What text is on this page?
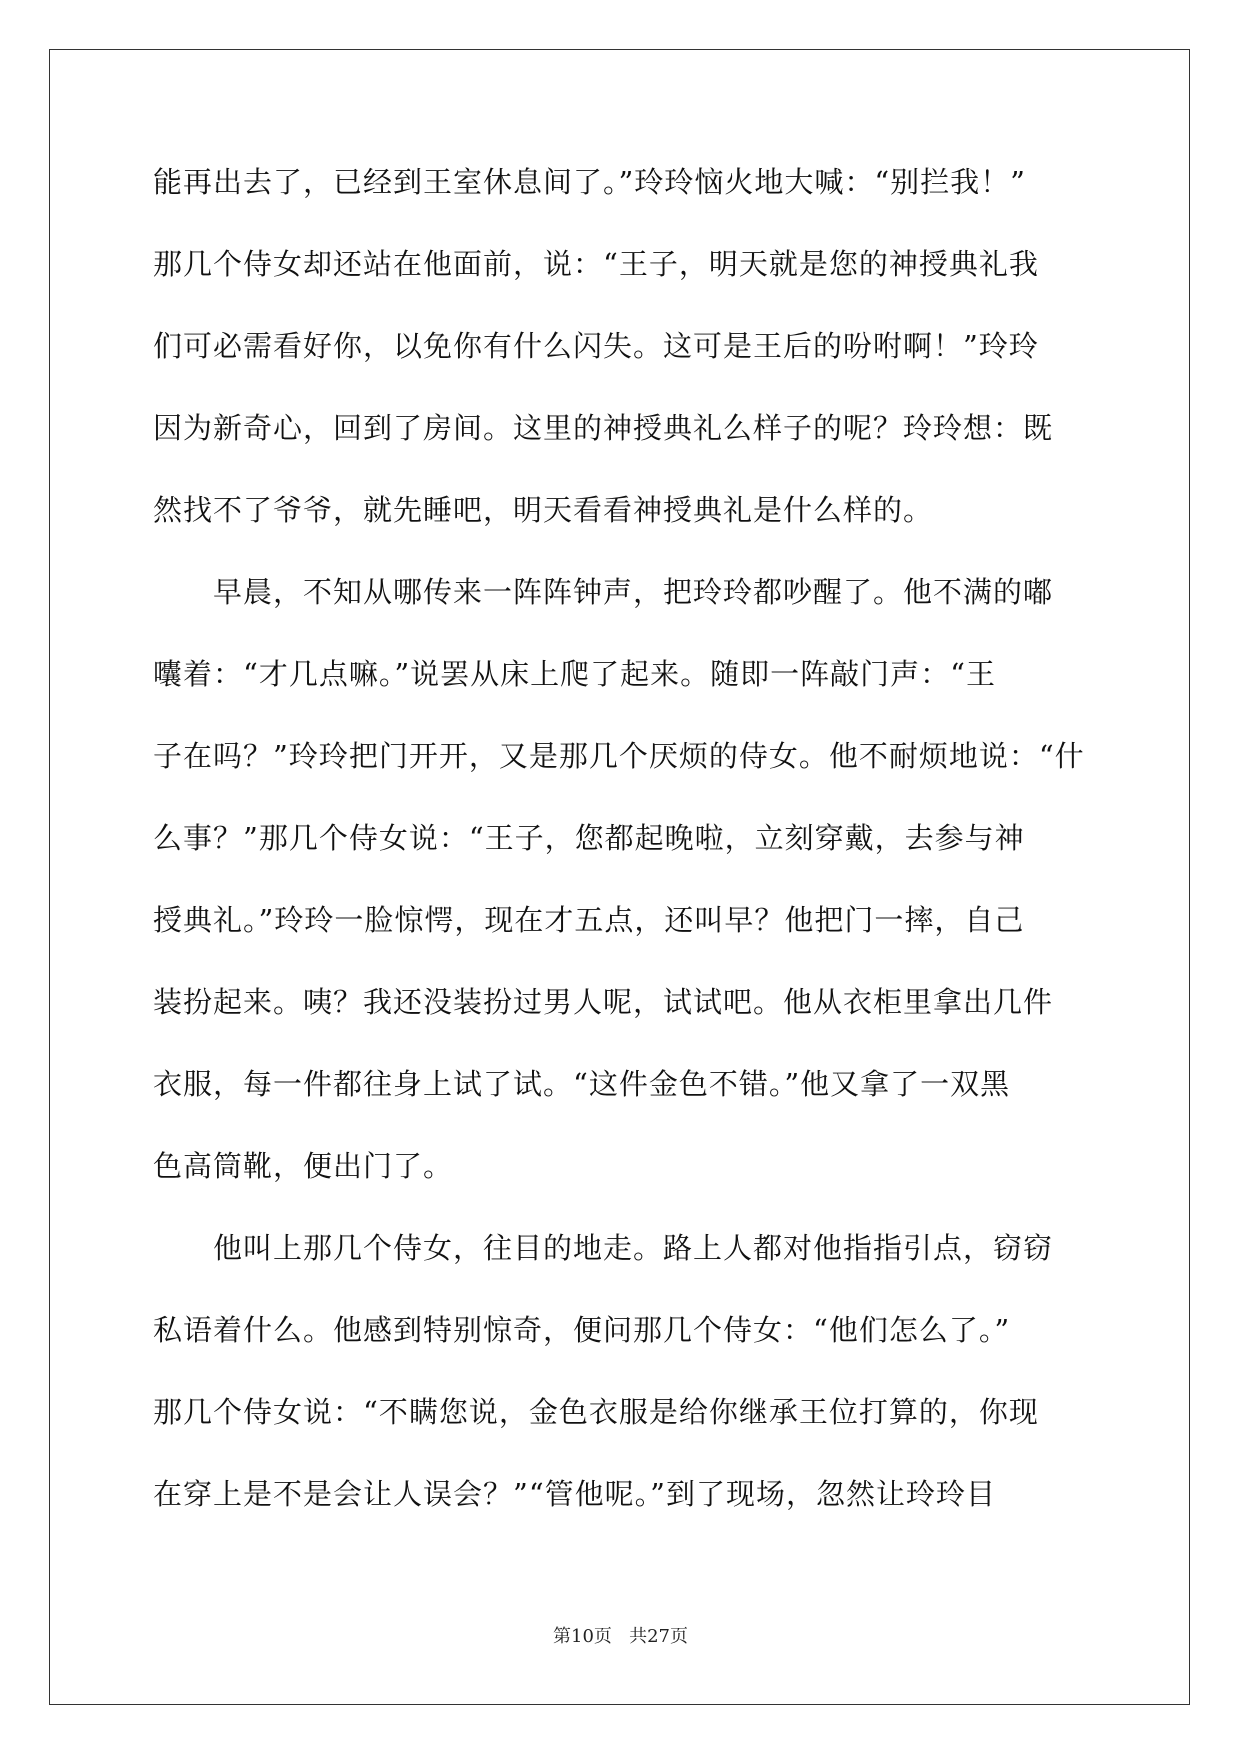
能再出去了，已经到王室休息间了。”玲玲恼火地大喊：“别拦我！”
那几个侍女却还站在他面前，说：“王子，明天就是您的神授典礼我
们可必需看好你，以免你有什么闪失。这可是王后的吩咐啊！”玲玲
因为新奇心，回到了房间。这里的神授典礼么样子的呢？玲玲想：既
然找不了爷爷，就先睡吧，明天看看神授典礼是什么样的。
早晨，不知从哪传来一阵阵钟声，把玲玲都吵醒了。他不满的嘟
囔着：“才几点嘛。”说罢从床上爬了起来。随即一阵敲门声：“王
子在吗？”玲玲把门开开，又是那几个厌烦的侍女。他不耐烦地说：“什
么事？”那几个侍女说：“王子，您都起晚啦，立刻穿戴，去参与神
授典礼。”玲玲一脸惊愕，现在才五点，还叫早？他把门一摔，自己
装扮起来。咦？我还没装扮过男人呢，试试吧。他从衣柜里拿出几件
衣服，每一件都往身上试了试。“这件金色不错。”他又拿了一双黑
色高筒靴，便出门了。
他叫上那几个侍女，往目的地走。路上人都对他指指引点，窃窃
私语着什么。他感到特别惊奇，便问那几个侍女：“他们怎么了。”
那几个侍女说：“不瞒您说，金色衣服是给你继承王位打算的，你现
在穿上是不是会让人误会？”“管他呢。”到了现场，忽然让玲玲目
第10页 共27页
